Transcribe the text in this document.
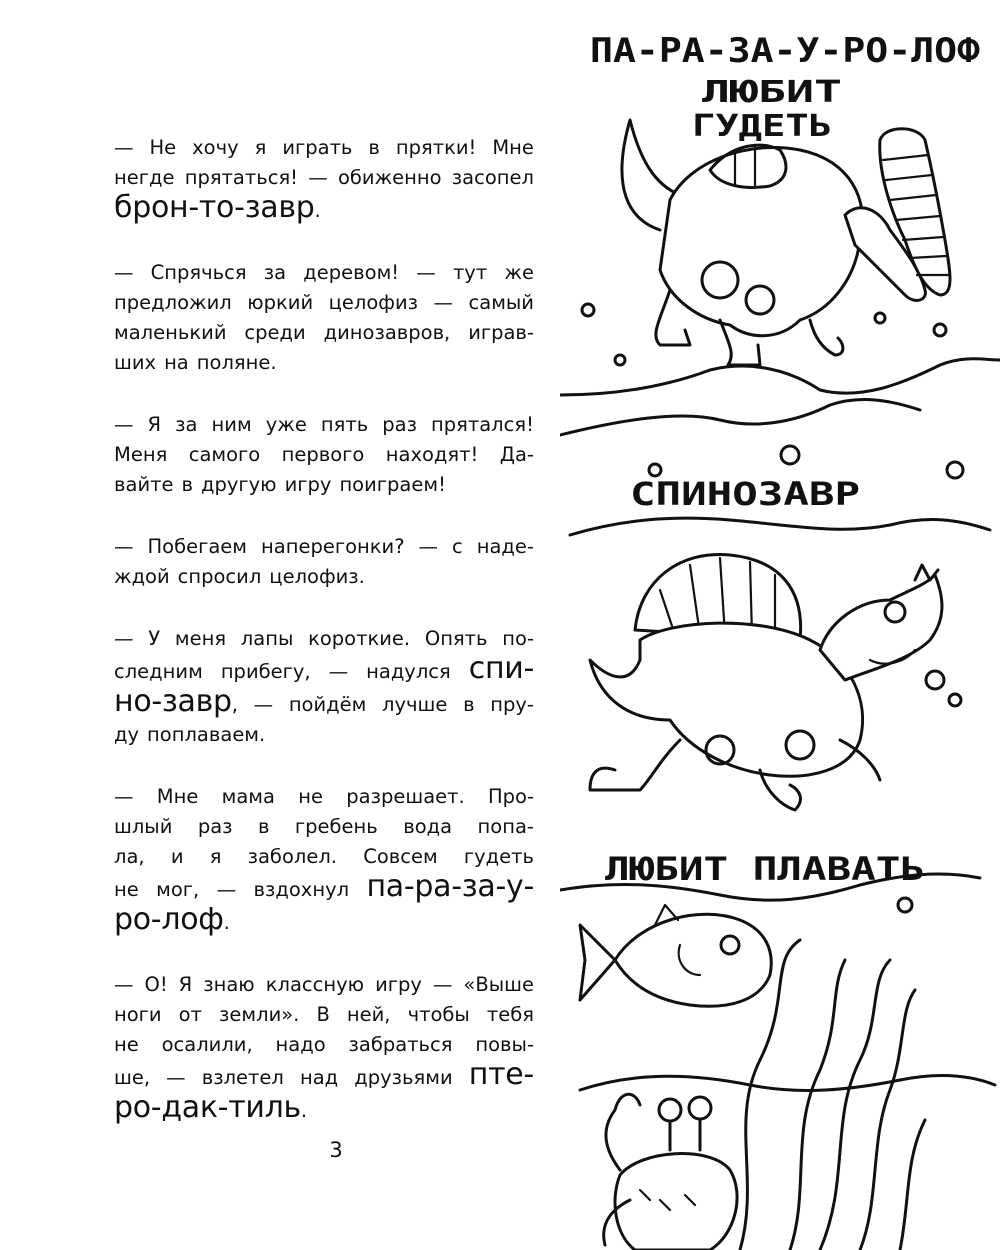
— Не хочу я играть в прятки! Мне
негде прятаться! — обиженно засопел
брон-то-завр.
— Спрячься за деревом! — тут же
предложил юркий целофиз — самый
маленький среди динозавров, играв-
ших на поляне.
— Я за ним уже пять раз прятался!
Меня самого первого находят! Да-
вайте в другую игру поиграем!
— Побегаем наперегонки? — с наде-
ждой спросил целофиз.
— У меня лапы короткие. Опять по-
следним прибегу, — надулся спи-
но-завр, — пойдём лучше в пру-
ду поплаваем.
— Мне мама не разрешает. Про-
шлый раз в гребень вода попа-
ла, и я заболел. Совсем гудеть
не мог, — вздохнул па-ра-за-у-
ро-лоф.
— О! Я знаю классную игру — «Выше
ноги от земли». В ней, чтобы тебя
не осалили, надо забраться повы-
ше, — взлетел над друзьями пте-
ро-дак-тиль.
3
ПА-РА-ЗА-У-РО-ЛОФ
ЛЮБИТ
ГУДЕТЬ
СПИНОЗАВР
ЛЮБИТ ПЛАВАТЬ
